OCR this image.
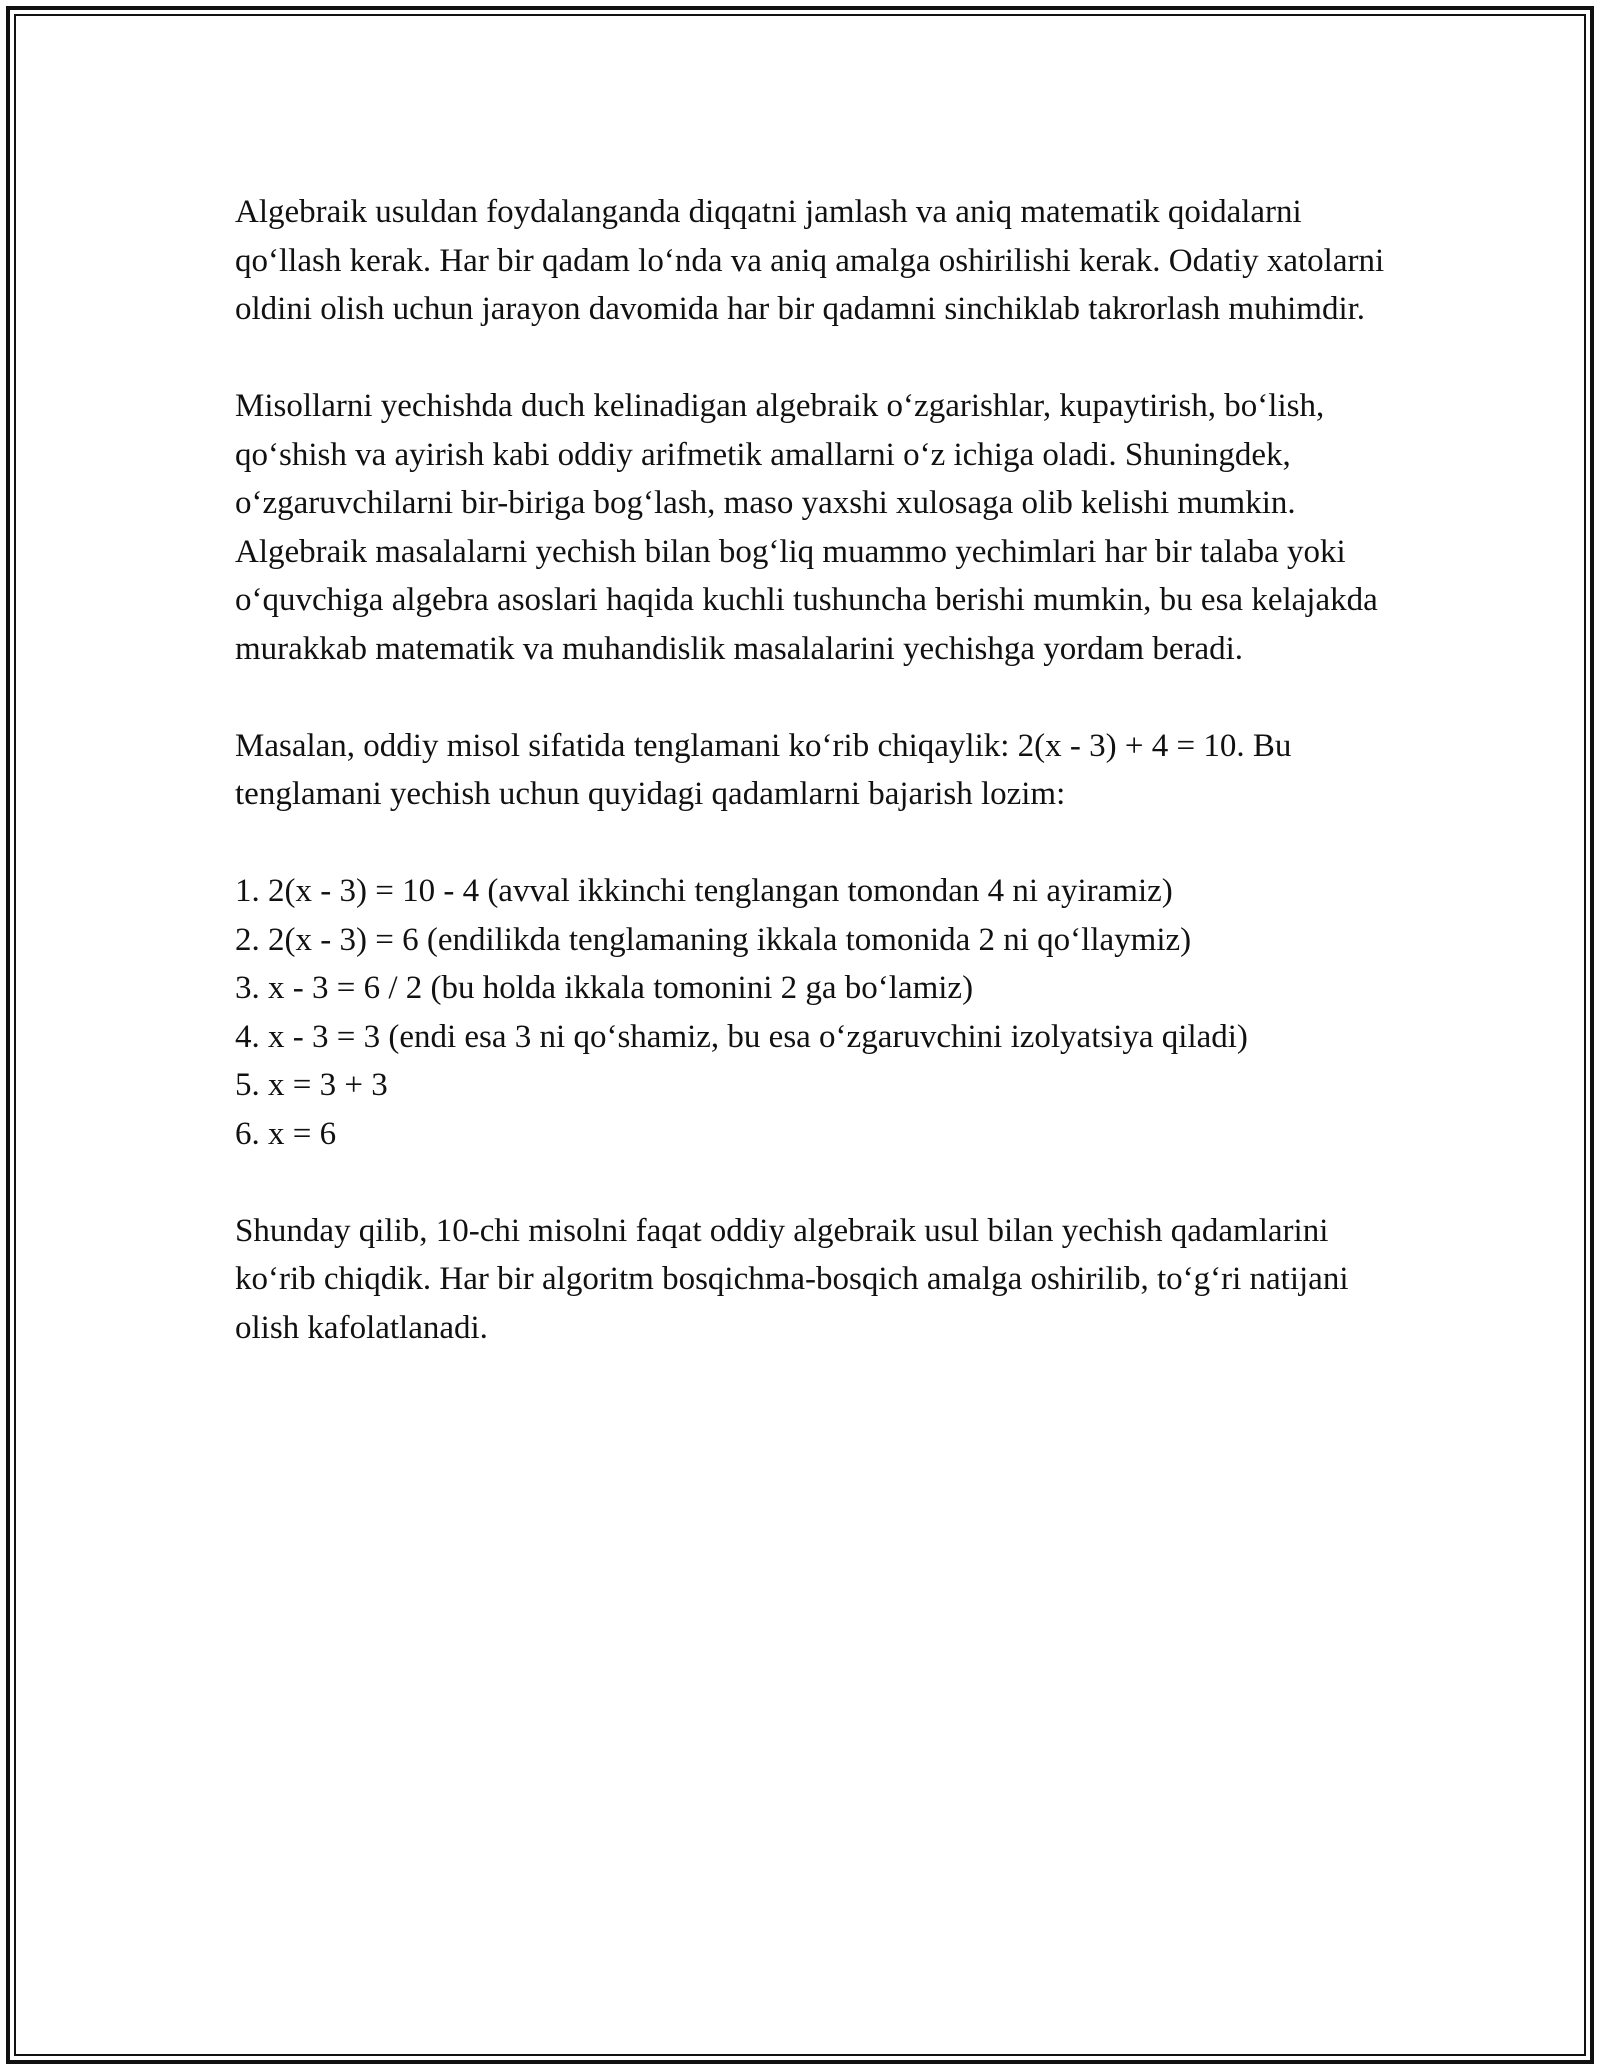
Algebraik usuldan foydalanganda diqqatni jamlash va aniq matematik qoidalarni qo‘llash kerak. Har bir qadam lo‘nda va aniq amalga oshirilishi kerak. Odatiy xatolarni oldini olish uchun jarayon davomida har bir qadamni sinchiklab takrorlash muhimdir.

Misollarni yechishda duch kelinadigan algebraik o‘zgarishlar, kupaytirish, bo‘lish, qo‘shish va ayirish kabi oddiy arifmetik amallarni o‘z ichiga oladi. Shuningdek, o‘zgaruvchilarni bir-biriga bog‘lash, maso yaxshi xulosaga olib kelishi mumkin. Algebraik masalalarni yechish bilan bog‘liq muammo yechimlari har bir talaba yoki o‘quvchiga algebra asoslari haqida kuchli tushuncha berishi mumkin, bu esa kelajakda murakkab matematik va muhandislik masalalarini yechishga yordam beradi.

Masalan, oddiy misol sifatida tenglamani ko‘rib chiqaylik: 2(x - 3) + 4 = 10. Bu tenglamani yechish uchun quyidagi qadamlarni bajarish lozim:

1. 2(x - 3) = 10 - 4 (avval ikkinchi tenglangan tomondan 4 ni ayiramiz)
2. 2(x - 3) = 6 (endilikda tenglamaning ikkala tomonida 2 ni qo‘llaymiz)
3. x - 3 = 6 / 2 (bu holda ikkala tomonini 2 ga bo‘lamiz)
4. x - 3 = 3 (endi esa 3 ni qo‘shamiz, bu esa o‘zgaruvchini izolyatsiya qiladi)
5. x = 3 + 3
6. x = 6

Shunday qilib, 10-chi misolni faqat oddiy algebraik usul bilan yechish qadamlarini ko‘rib chiqdik. Har bir algoritm bosqichma-bosqich amalga oshirilib, to‘g‘ri natijani olish kafolatlanadi.
